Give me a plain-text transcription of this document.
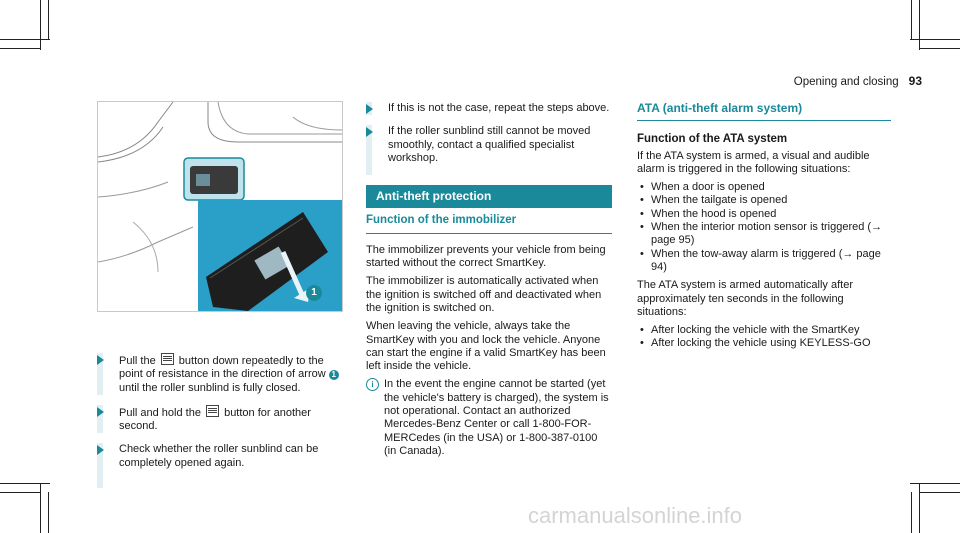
Opening and closing 93
1
Pull the  button down repeatedly to the point of resistance in the direction of arrow 1 until the roller sunblind is fully closed.
Pull and hold the  button for another second.
Check whether the roller sunblind can be completely opened again.
If this is not the case, repeat the steps above.
If the roller sunblind still cannot be moved smoothly, contact a qualified specialist workshop.
Anti-theft protection
Function of the immobilizer

The immobilizer prevents your vehicle from being started without the correct SmartKey.

The immobilizer is automatically activated when the ignition is switched off and deactivated when the ignition is switched on.

When leaving the vehicle, always take the SmartKey with you and lock the vehicle. Anyone can start the engine if a valid SmartKey has been left inside the vehicle.

i In the event the engine cannot be started (yet the vehicle's battery is charged), the system is not operational. Contact an authorized Mercedes-Benz Center or call 1-800-FOR-MERCedes (in the USA) or 1-800-387-0100 (in Canada).
ATA (anti-theft alarm system)
Function of the ATA system

If the ATA system is armed, a visual and audible alarm is triggered in the following situations:

• When a door is opened
• When the tailgate is opened
• When the hood is opened
• When the interior motion sensor is triggered (→ page 95)
• When the tow-away alarm is triggered (→ page 94)

The ATA system is armed automatically after approximately ten seconds in the following situations:

• After locking the vehicle with the SmartKey
• After locking the vehicle using KEYLESS-GO
carmanualsonline.info
